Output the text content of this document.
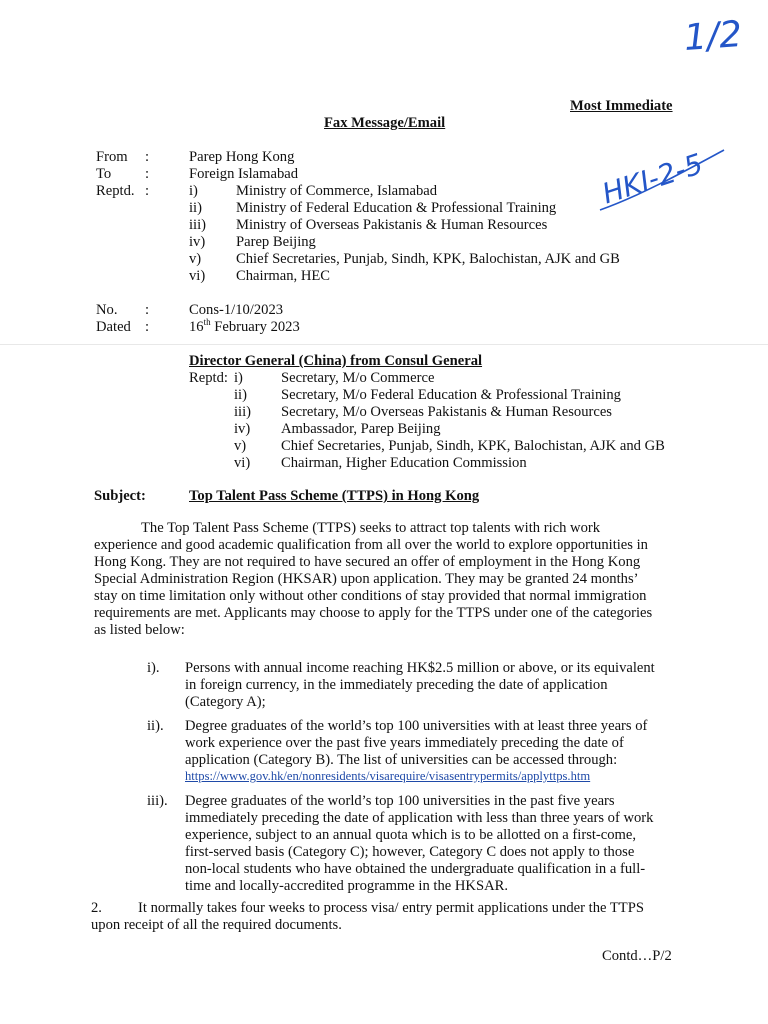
1/2
HKI-2-5
Most Immediate
Fax Message/Email
From :	Parep Hong Kong
To :	Foreign Islamabad
Reptd. :	i)	Ministry of Commerce, Islamabad
ii) Ministry of Federal Education & Professional Training
iii) Ministry of Overseas Pakistanis & Human Resources
iv) Parep Beijing
v) Chief Secretaries, Punjab, Sindh, KPK, Balochistan, AJK and GB
vi) Chairman, HEC
No. :	Cons-1/10/2023
Dated :	16th February 2023
Director General (China) from Consul General
Reptd: i)	Secretary, M/o Commerce
ii) Secretary, M/o Federal Education & Professional Training
iii) Secretary, M/o Overseas Pakistanis & Human Resources
iv) Ambassador, Parep Beijing
v) Chief Secretaries, Punjab, Sindh, KPK, Balochistan, AJK and GB
vi) Chairman, Higher Education Commission
Subject:	Top Talent Pass Scheme (TTPS) in Hong Kong
The Top Talent Pass Scheme (TTPS) seeks to attract top talents with rich work
experience and good academic qualification from all over the world to explore opportunities in
Hong Kong. They are not required to have secured an offer of employment in the Hong Kong
Special Administration Region (HKSAR) upon application. They may be granted 24 months’
stay on time limitation only without other conditions of stay provided that normal immigration
requirements are met. Applicants may choose to apply for the TTPS under one of the categories
as listed below:
i). Persons with annual income reaching HK$2.5 million or above, or its equivalent
in foreign currency, in the immediately preceding the date of application
(Category A);
ii). Degree graduates of the world’s top 100 universities with at least three years of
work experience over the past five years immediately preceding the date of
application (Category B). The list of universities can be accessed through:
https://www.gov.hk/en/nonresidents/visarequire/visasentrypermits/applyttps.htm
iii). Degree graduates of the world’s top 100 universities in the past five years
immediately preceding the date of application with less than three years of work
experience, subject to an annual quota which is to be allotted on a first-come,
first-served basis (Category C); however, Category C does not apply to those
non-local students who have obtained the undergraduate qualification in a full-
time and locally-accredited programme in the HKSAR.
2. It normally takes four weeks to process visa/ entry permit applications under the TTPS
upon receipt of all the required documents.
Contd…P/2
